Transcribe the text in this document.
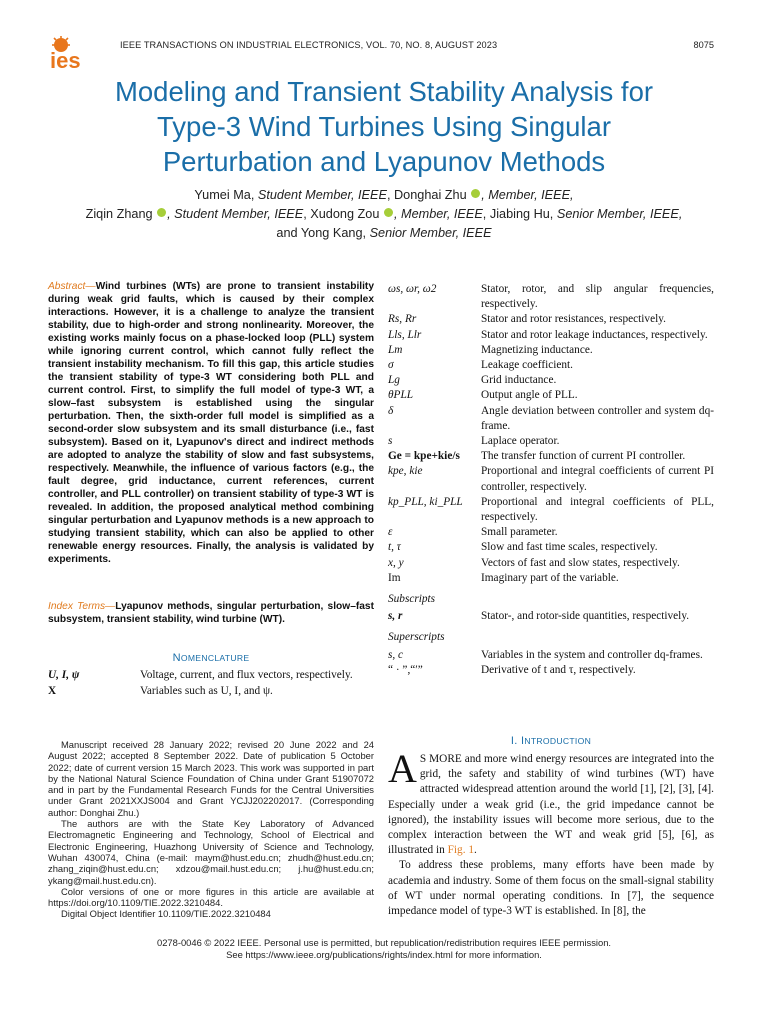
ies
IEEE TRANSACTIONS ON INDUSTRIAL ELECTRONICS, VOL. 70, NO. 8, AUGUST 2023	8075
Modeling and Transient Stability Analysis for
Type-3 Wind Turbines Using Singular
Perturbation and Lyapunov Methods
Yumei Ma, Student Member, IEEE, Donghai Zhu , Member, IEEE,
Ziqin Zhang , Student Member, IEEE, Xudong Zou , Member, IEEE, Jiabing Hu, Senior Member, IEEE,
and Yong Kang, Senior Member, IEEE
Abstract—Wind turbines (WTs) are prone to transient instability during weak grid faults, which is caused by their complex interactions. However, it is a challenge to analyze the transient stability, due to high-order and strong nonlinearity. Moreover, the existing works mainly focus on a phase-locked loop (PLL) system while ignoring current control, which cannot fully reflect the transient instability mechanism. To fill this gap, this article studies the transient stability of type-3 WT considering both PLL and current control. First, to simplify the full model of type-3 WT, a slow–fast subsystem is established using the singular perturbation. Then, the sixth-order full model is simplified as a second-order slow subsystem and its small disturbance (i.e., fast subsystem). Based on it, Lyapunov's direct and indirect methods are adopted to analyze the stability of slow and fast subsystems, respectively. Meanwhile, the influence of various factors (e.g., the fault degree, grid inductance, current references, current controller, and PLL controller) on transient stability of type-3 WT is revealed. In addition, the proposed analytical method combining singular perturbation and Lyapunov methods is a new approach to studying transient stability, which can also be applied to other renewable energy resources. Finally, the analysis is validated by experiments.
Index Terms—Lyapunov methods, singular perturbation, slow–fast subsystem, transient stability, wind turbine (WT).
NOMENCLATURE
U, I, ψ	Voltage, current, and flux vectors, respectively.
X	Variables such as U, I, and ψ.

Manuscript received 28 January 2022; revised 20 June 2022 and 24 August 2022; accepted 8 September 2022. Date of publication 5 October 2022; date of current version 15 March 2023. This work was supported in part by the National Natural Science Foundation of China under Grant 51907072 and in part by the Fundamental Research Funds for the Central Universities under Grant 2021XXJS004 and Grant YCJJ202202017. (Corresponding author: Donghai Zhu.)

The authors are with the State Key Laboratory of Advanced Electromagnetic Engineering and Technology, School of Electrical and Electronic Engineering, Huazhong University of Science and Technology, Wuhan 430074, China (e-mail: maym@hust.edu.cn; zhudh@hust.edu.cn; zhang_ziqin@hust.edu.cn; xdzou@mail.hust.edu.cn; j.hu@hust.edu.cn; ykang@mail.hust.edu.cn).

Color versions of one or more figures in this article are available at https://doi.org/10.1109/TIE.2022.3210484.

Digital Object Identifier 10.1109/TIE.2022.3210484

ωs, ωr, ω2	Stator, rotor, and slip angular frequencies, respectively.
Rs, Rr	Stator and rotor resistances, respectively.
Lls, Llr	Stator and rotor leakage inductances, respectively.
Lm	Magnetizing inductance.
σ	Leakage coefficient.
Lg	Grid inductance.
θPLL	Output angle of PLL.
δ	Angle deviation between controller and system dq-frame.
s	Laplace operator.
Ge = kpe+kie/s	The transfer function of current PI controller.
kpe, kie	Proportional and integral coefficients of current PI controller, respectively.
kp_PLL, ki_PLL	Proportional and integral coefficients of PLL, respectively.
ε	Small parameter.
t, τ	Slow and fast time scales, respectively.
x, y	Vectors of fast and slow states, respectively.
Im	Imaginary part of the variable.
Subscripts
s, r	Stator-, and rotor-side quantities, respectively.
Superscripts
s, c	Variables in the system and controller dq-frames.
“ · ”,“′”	Derivative of t and τ, respectively.
I. INTRODUCTION

A S MORE and more wind energy resources are integrated into the grid, the safety and stability of wind turbines (WT) have attracted widespread attention around the world [1], [2], [3], [4]. Especially under a weak grid (i.e., the grid impedance cannot be ignored), the instability issues will become more serious, due to the complex interaction between the WT and weak grid [5], [6], as illustrated in Fig. 1.

To address these problems, many efforts have been made by academia and industry. Some of them focus on the small-signal stability of WT under normal operating conditions. In [7], the sequence impedance model of type-3 WT is established. In [8], the

0278-0046 © 2022 IEEE. Personal use is permitted, but republication/redistribution requires IEEE permission.
See https://www.ieee.org/publications/rights/index.html for more information.
